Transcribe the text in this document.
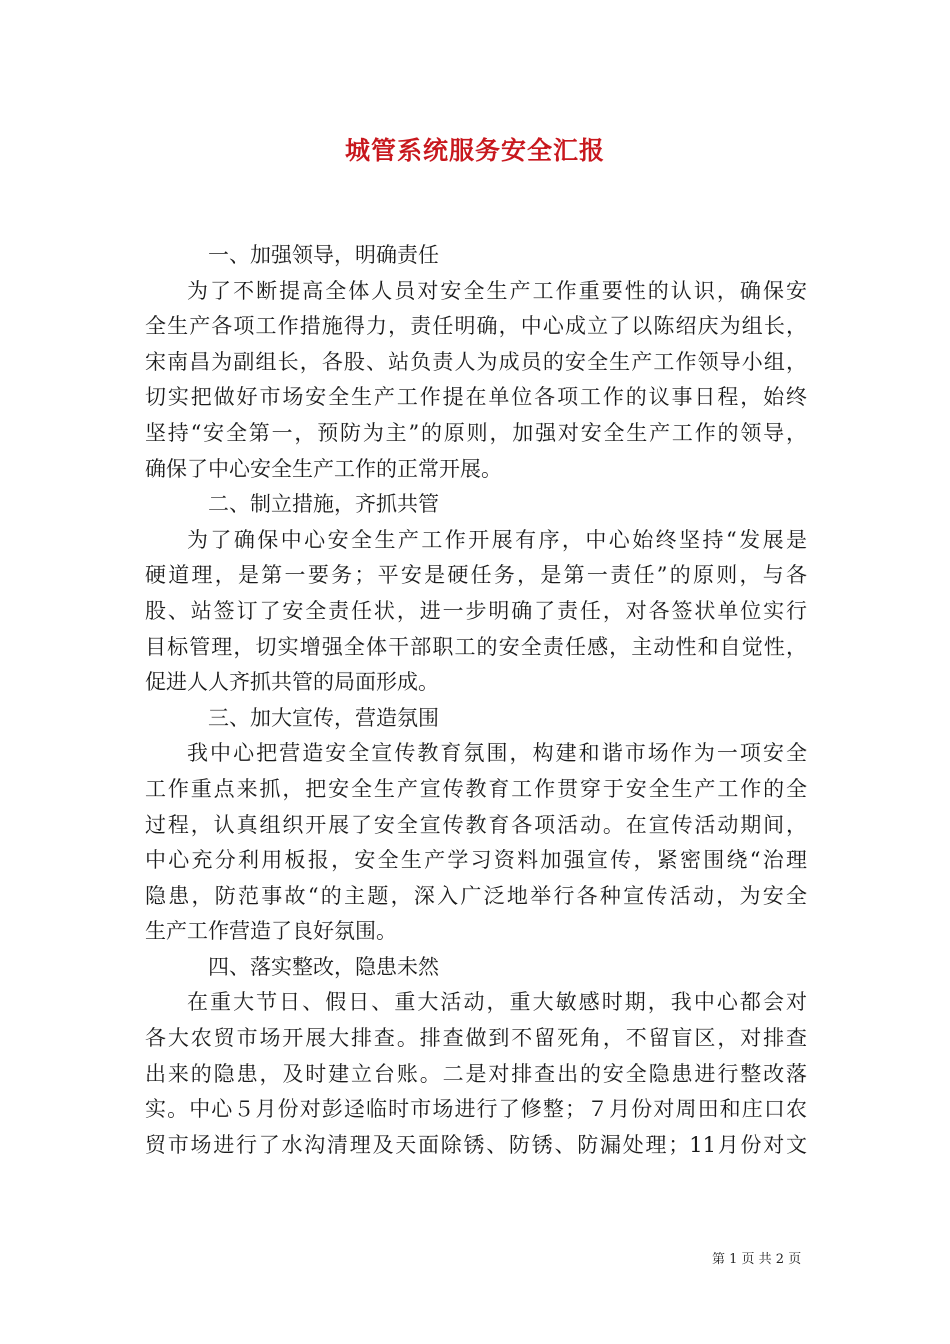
城管系统服务安全汇报
一、加强领导，明确责任
为了不断提高全体人员对安全生产工作重要性的认识，确保安
全生产各项工作措施得力，责任明确，中心成立了以陈绍庆为组长，
宋南昌为副组长，各股、站负责人为成员的安全生产工作领导小组，
切实把做好市场安全生产工作提在单位各项工作的议事日程，始终
坚持“安全第一，预防为主”的原则，加强对安全生产工作的领导，
确保了中心安全生产工作的正常开展。
二、制立措施，齐抓共管
为了确保中心安全生产工作开展有序，中心始终坚持“发展是
硬道理，是第一要务；平安是硬任务，是第一责任”的原则，与各
股、站签订了安全责任状，进一步明确了责任，对各签状单位实行
目标管理，切实增强全体干部职工的安全责任感，主动性和自觉性，
促进人人齐抓共管的局面形成。
三、加大宣传，营造氛围
我中心把营造安全宣传教育氛围，构建和谐市场作为一项安全
工作重点来抓，把安全生产宣传教育工作贯穿于安全生产工作的全
过程，认真组织开展了安全宣传教育各项活动。在宣传活动期间，
中心充分利用板报，安全生产学习资料加强宣传，紧密围绕“治理
隐患，防范事故“的主题，深入广泛地举行各种宣传活动，为安全
生产工作营造了良好氛围。
四、落实整改，隐患未然
在重大节日、假日、重大活动，重大敏感时期，我中心都会对
各大农贸市场开展大排查。排查做到不留死角，不留盲区，对排查
出来的隐患，及时建立台账。二是对排查出的安全隐患进行整改落
实。中心５月份对彭迳临时市场进行了修整；７月份对周田和庄口农
贸市场进行了水沟清理及天面除锈、防锈、防漏处理；11月份对文
第 1 页 共 2 页
